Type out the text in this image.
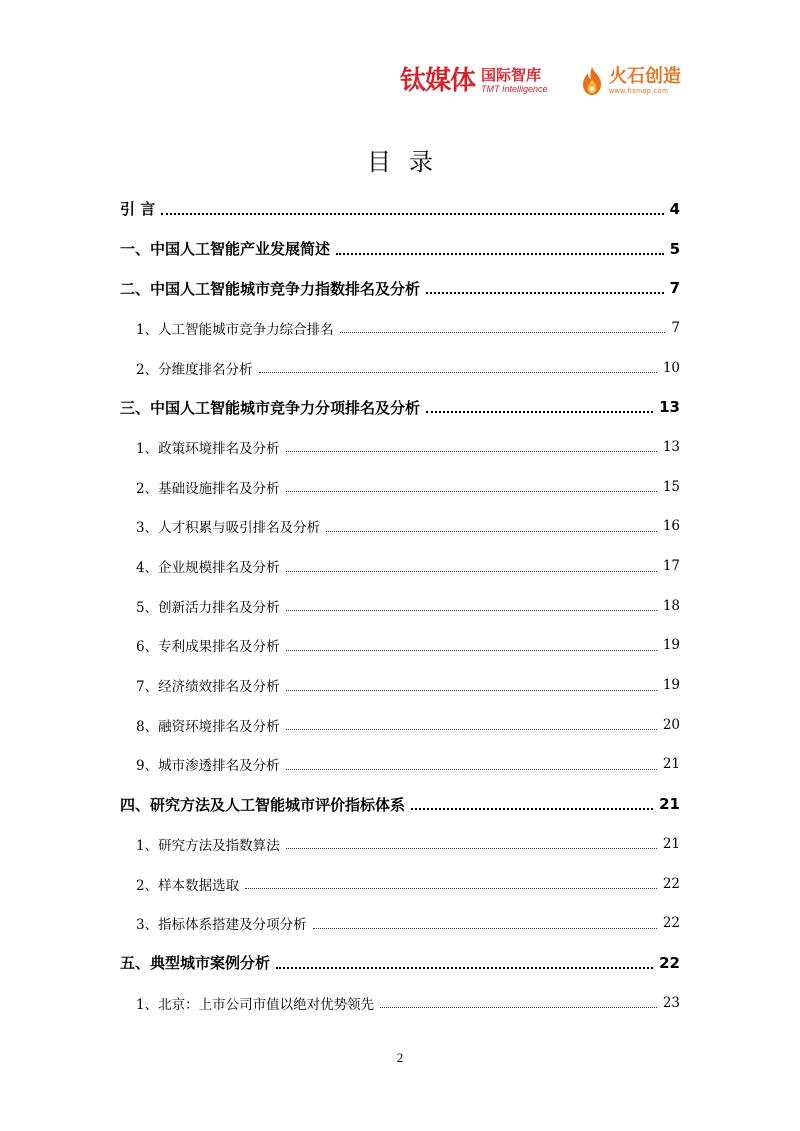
钛媒体 国际智库
TMT Intelligence
火石创造
www.hsmap.com
目录
引 言	4
一、中国人工智能产业发展简述	5
二、中国人工智能城市竞争力指数排名及分析	7
1、人工智能城市竞争力综合排名	7
2、分维度排名分析	10
三、中国人工智能城市竞争力分项排名及分析	13
1、政策环境排名及分析	13
2、基础设施排名及分析	15
3、人才积累与吸引排名及分析	16
4、企业规模排名及分析	17
5、创新活力排名及分析	18
6、专利成果排名及分析	19
7、经济绩效排名及分析	19
8、融资环境排名及分析	20
9、城市渗透排名及分析	21
四、研究方法及人工智能城市评价指标体系	21
1、研究方法及指数算法	21
2、样本数据选取	22
3、指标体系搭建及分项分析	22
五、典型城市案例分析	22
1、北京：上市公司市值以绝对优势领先	23
2
